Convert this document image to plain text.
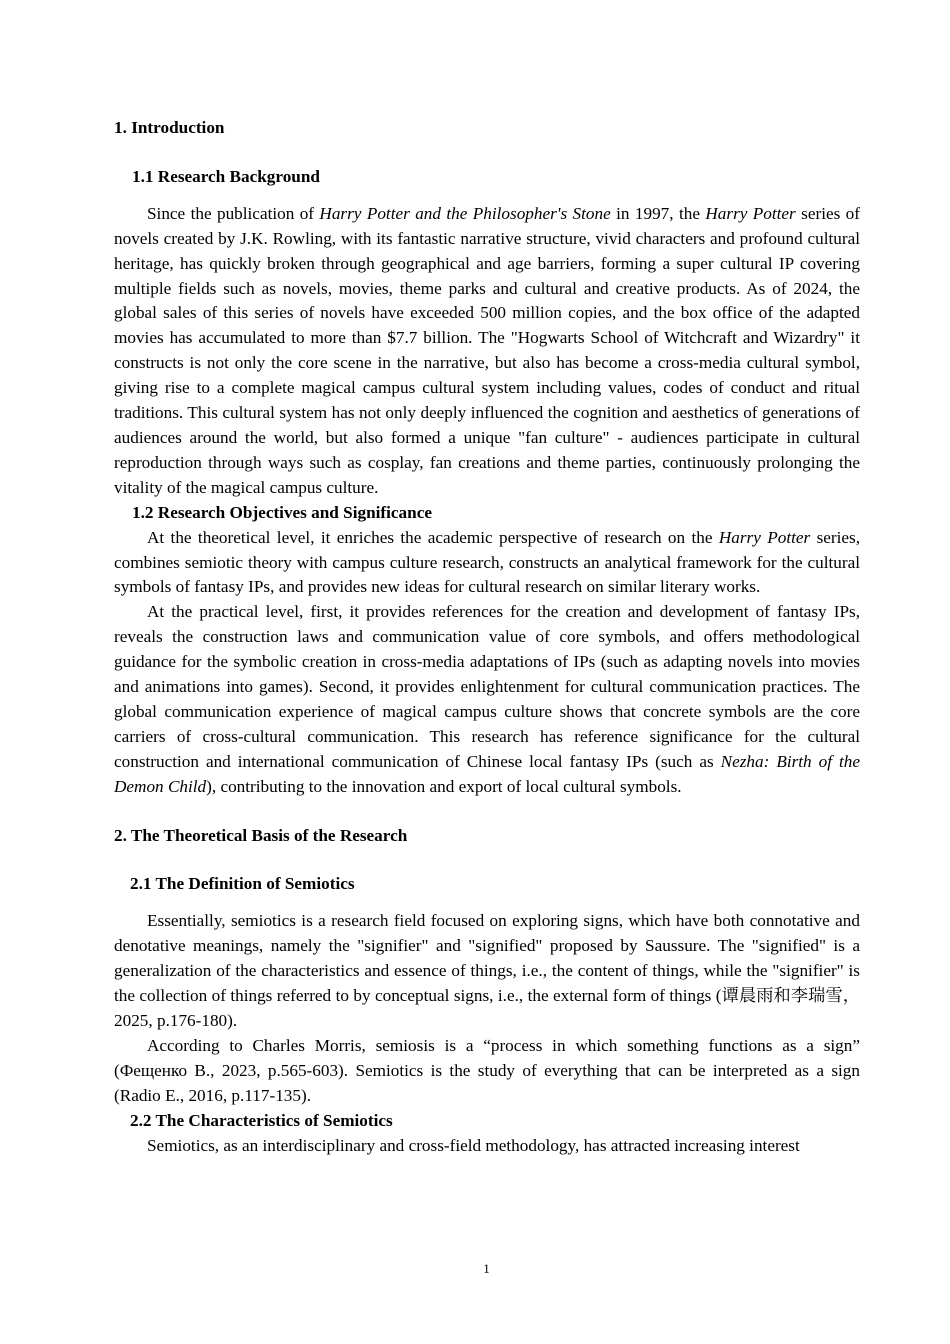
1. Introduction
1.1 Research Background

Since the publication of Harry Potter and the Philosopher's Stone in 1997, the Harry Potter series of novels created by J.K. Rowling, with its fantastic narrative structure, vivid characters and profound cultural heritage, has quickly broken through geographical and age barriers, forming a super cultural IP covering multiple fields such as novels, movies, theme parks and cultural and creative products. As of 2024, the global sales of this series of novels have exceeded 500 million copies, and the box office of the adapted movies has accumulated to more than $7.7 billion. The "Hogwarts School of Witchcraft and Wizardry" it constructs is not only the core scene in the narrative, but also has become a cross-media cultural symbol, giving rise to a complete magical campus cultural system including values, codes of conduct and ritual traditions. This cultural system has not only deeply influenced the cognition and aesthetics of generations of audiences around the world, but also formed a unique "fan culture" - audiences participate in cultural reproduction through ways such as cosplay, fan creations and theme parties, continuously prolonging the vitality of the magical campus culture.

1.2 Research Objectives and Significance

At the theoretical level, it enriches the academic perspective of research on the Harry Potter series, combines semiotic theory with campus culture research, constructs an analytical framework for the cultural symbols of fantasy IPs, and provides new ideas for cultural research on similar literary works.

At the practical level, first, it provides references for the creation and development of fantasy IPs, reveals the construction laws and communication value of core symbols, and offers methodological guidance for the symbolic creation in cross-media adaptations of IPs (such as adapting novels into movies and animations into games). Second, it provides enlightenment for cultural communication practices. The global communication experience of magical campus culture shows that concrete symbols are the core carriers of cross-cultural communication. This research has reference significance for the cultural construction and international communication of Chinese local fantasy IPs (such as Nezha: Birth of the Demon Child), contributing to the innovation and export of local cultural symbols.

2. The Theoretical Basis of the Research
2.1 The Definition of Semiotics

Essentially, semiotics is a research field focused on exploring signs, which have both connotative and denotative meanings, namely the "signifier" and "signified" proposed by Saussure. The "signified" is a generalization of the characteristics and essence of things, i.e., the content of things, while the "signifier" is the collection of things referred to by conceptual signs, i.e., the external form of things (谭晨雨和李瑞雪，2025, p.176-180).

According to Charles Morris, semiosis is a “process in which something functions as a sign” (Фещенко В., 2023, p.565-603). Semiotics is the study of everything that can be interpreted as a sign (Radio E., 2016, p.117-135).

2.2 The Characteristics of Semiotics

Semiotics, as an interdisciplinary and cross-field methodology, has attracted increasing interest

1
